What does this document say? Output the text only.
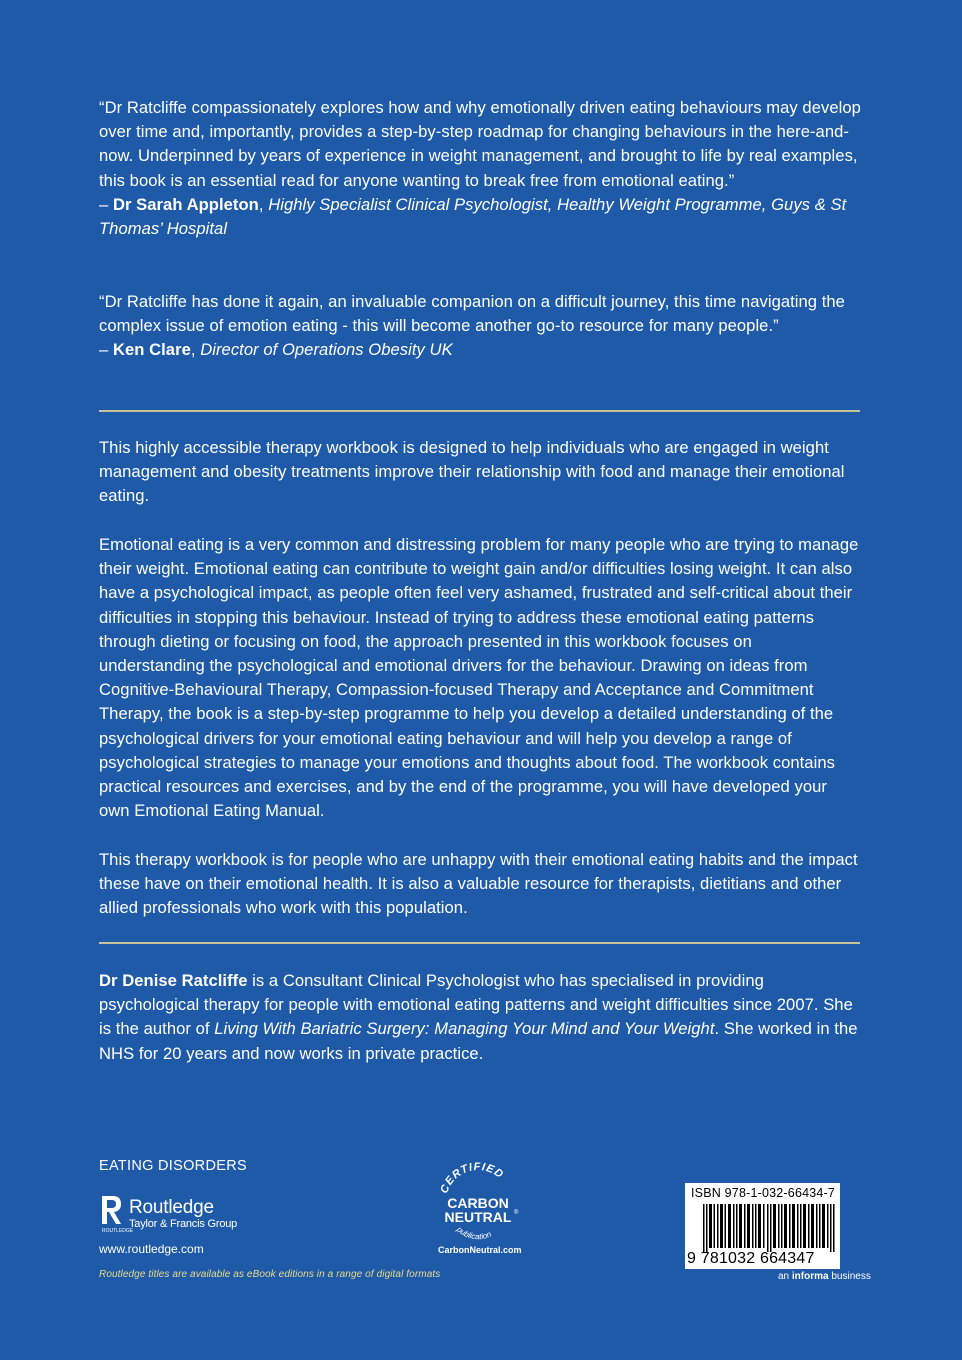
“Dr Ratcliffe compassionately explores how and why emotionally driven eating behaviours may develop over time and, importantly, provides a step-by-step roadmap for changing behaviours in the here-and-now. Underpinned by years of experience in weight management, and brought to life by real examples, this book is an essential read for anyone wanting to break free from emotional eating.”
– Dr Sarah Appleton, Highly Specialist Clinical Psychologist, Healthy Weight Programme, Guys & St Thomas’ Hospital

“Dr Ratcliffe has done it again, an invaluable companion on a difficult journey, this time navigating the complex issue of emotion eating - this will become another go-to resource for many people.”
– Ken Clare, Director of Operations Obesity UK

This highly accessible therapy workbook is designed to help individuals who are engaged in weight management and obesity treatments improve their relationship with food and manage their emotional eating.

Emotional eating is a very common and distressing problem for many people who are trying to manage their weight. Emotional eating can contribute to weight gain and/or difficulties losing weight. It can also have a psychological impact, as people often feel very ashamed, frustrated and self-critical about their difficulties in stopping this behaviour. Instead of trying to address these emotional eating patterns through dieting or focusing on food, the approach presented in this workbook focuses on understanding the psychological and emotional drivers for the behaviour. Drawing on ideas from Cognitive-Behavioural Therapy, Compassion-focused Therapy and Acceptance and Commitment Therapy, the book is a step-by-step programme to help you develop a detailed understanding of the psychological drivers for your emotional eating behaviour and will help you develop a range of psychological strategies to manage your emotions and thoughts about food. The workbook contains practical resources and exercises, and by the end of the programme, you will have developed your own Emotional Eating Manual.

This therapy workbook is for people who are unhappy with their emotional eating habits and the impact these have on their emotional health. It is also a valuable resource for therapists, dietitians and other allied professionals who work with this population.

Dr Denise Ratcliffe is a Consultant Clinical Psychologist who has specialised in providing psychological therapy for people with emotional eating patterns and weight difficulties since 2007. She is the author of Living With Bariatric Surgery: Managing Your Mind and Your Weight. She worked in the NHS for 20 years and now works in private practice.

EATING DISORDERS
ROUTLEDGE
Routledge
Taylor & Francis Group
www.routledge.com
Routledge titles are available as eBook editions in a range of digital formats
CERTIFIED
CARBON
NEUTRAL ®
publication
CarbonNeutral.com
ISBN 978-1-032-66434-7
9 781032 664347
an informa business
